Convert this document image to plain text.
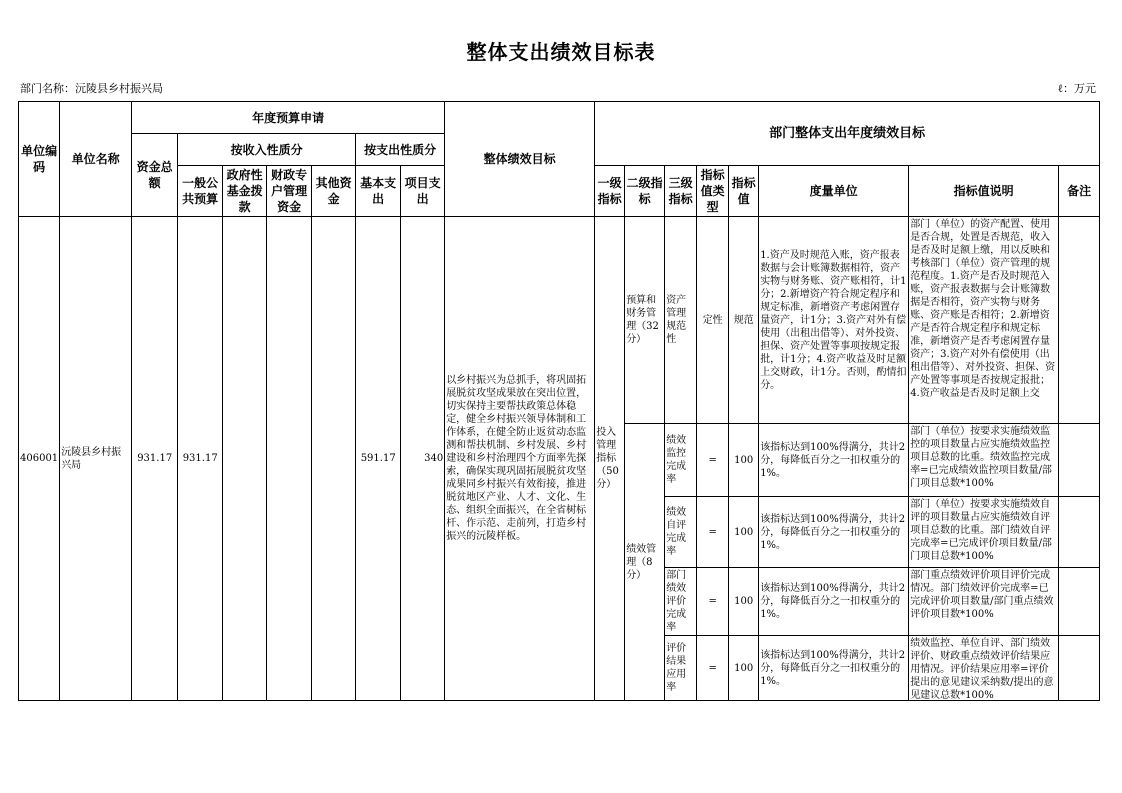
整体支出绩效目标表
部门名称：沅陵县乡村振兴局	ℓ：万元
单位编码	单位名称	年度预算申请							整体绩效目标	部门整体支出年度绩效目标							
		资金总额	按收入性质分				按支出性质分										
			一般公共预算	政府性基金拨款	财政专户管理资金	其他资金	基本支出	项目支出		一级指标	二级指标	三级指标	指标值类型	指标值	度量单位	指标值说明	备注
406001	沅陵县乡村振兴局	931.17	931.17				591.17	340	以乡村振兴为总抓手，将巩固拓展脱贫攻坚成果放在突出位置，切实保持主要帮扶政策总体稳定，健全乡村振兴领导体制和工作体系，在健全防止返贫动态监测和帮扶机制、乡村发展、乡村建设和乡村治理四个方面率先探索，确保实现巩固拓展脱贫攻坚成果同乡村振兴有效衔接，推进脱贫地区产业、人才、文化、生态、组织全面振兴，在全省树标杆、作示范、走前列，打造乡村振兴的沅陵样板。	投入管理指标（50分）	预算和财务管理（32分）	资产管理规范性	定性	规范	1.资产及时规范入账，资产报表数据与会计账簿数据相符，资产实物与财务账、资产账相符，计1分；2.新增资产符合规定程序和规定标准，新增资产考虑闲置存量资产，计1分；3.资产对外有偿使用（出租出借等）、对外投资、担保、资产处置等事项按规定报批，计1分；4.资产收益及时足额上交财政，计1分。否则，酌情扣分。	部门（单位）的资产配置、使用是否合规，处置是否规范，收入是否及时足额上缴，用以反映和考核部门（单位）资产管理的规范程度。1.资产是否及时规范入账，资产报表数据与会计账簿数据是否相符，资产实物与财务账、资产账是否相符；2.新增资产是否符合规定程序和规定标准，新增资产是否考虑闲置存量资产；3.资产对外有偿使用（出租出借等）、对外投资、担保、资产处置等事项是否按规定报批；4.资产收益是否及时足额上交	

											绩效管理（8分）	绩效监控完成率	=	100	该指标达到100%得满分，共计2分，每降低百分之一扣权重分的1%。	部门（单位）按要求实施绩效监控的项目数量占应实施绩效监控项目总数的比重。绩效监控完成率=已完成绩效监控项目数量/部门项目总数*100%	

												绩效自评完成率	=	100	该指标达到100%得满分，共计2分，每降低百分之一扣权重分的1%。	部门（单位）按要求实施绩效自评的项目数量占应实施绩效自评项目总数的比重。部门绩效自评完成率=已完成评价项目数量/部门项目总数*100%	

												部门绩效评价完成率	=	100	该指标达到100%得满分，共计2分，每降低百分之一扣权重分的1%。	部门重点绩效评价项目评价完成情况。部门绩效评价完成率=已完成评价项目数量/部门重点绩效评价项目数*100%	

												评价结果应用率	=	100	该指标达到100%得满分，共计2分，每降低百分之一扣权重分的1%。	绩效监控、单位自评、部门绩效评价、财政重点绩效评价结果应用情况。评价结果应用率=评价提出的意见建议采纳数/提出的意见建议总数*100%	
